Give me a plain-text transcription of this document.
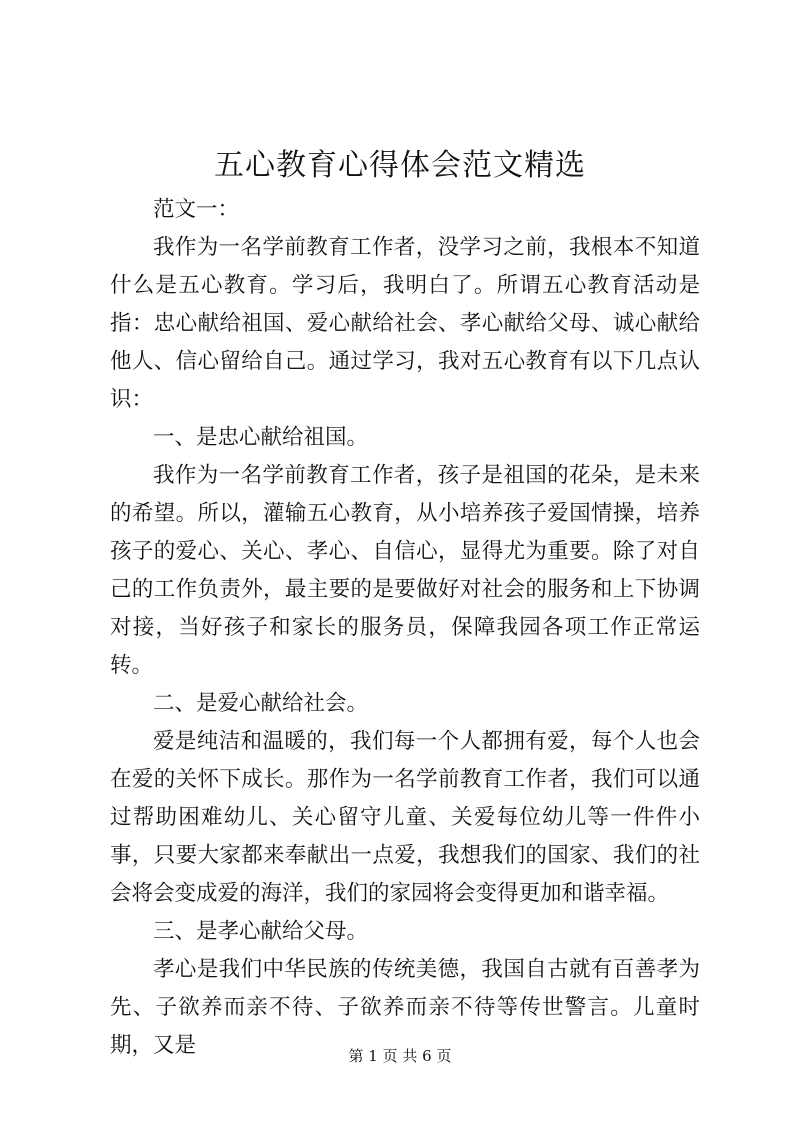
五心教育心得体会范文精选

范文一：

我作为一名学前教育工作者，没学习之前，我根本不知道什么是五心教育。学习后，我明白了。所谓五心教育活动是指：忠心献给祖国、爱心献给社会、孝心献给父母、诚心献给他人、信心留给自己。通过学习，我对五心教育有以下几点认识：

一、是忠心献给祖国。

我作为一名学前教育工作者，孩子是祖国的花朵，是未来的希望。所以，灌输五心教育，从小培养孩子爱国情操，培养孩子的爱心、关心、孝心、自信心，显得尤为重要。除了对自己的工作负责外，最主要的是要做好对社会的服务和上下协调对接，当好孩子和家长的服务员，保障我园各项工作正常运转。

二、是爱心献给社会。

爱是纯洁和温暖的，我们每一个人都拥有爱，每个人也会在爱的关怀下成长。那作为一名学前教育工作者，我们可以通过帮助困难幼儿、关心留守儿童、关爱每位幼儿等一件件小事，只要大家都来奉献出一点爱，我想我们的国家、我们的社会将会变成爱的海洋，我们的家园将会变得更加和谐幸福。

三、是孝心献给父母。

孝心是我们中华民族的传统美德，我国自古就有百善孝为先、子欲养而亲不待、子欲养而亲不待等传世警言。儿童时期，又是	第 1 页 共 6 页
